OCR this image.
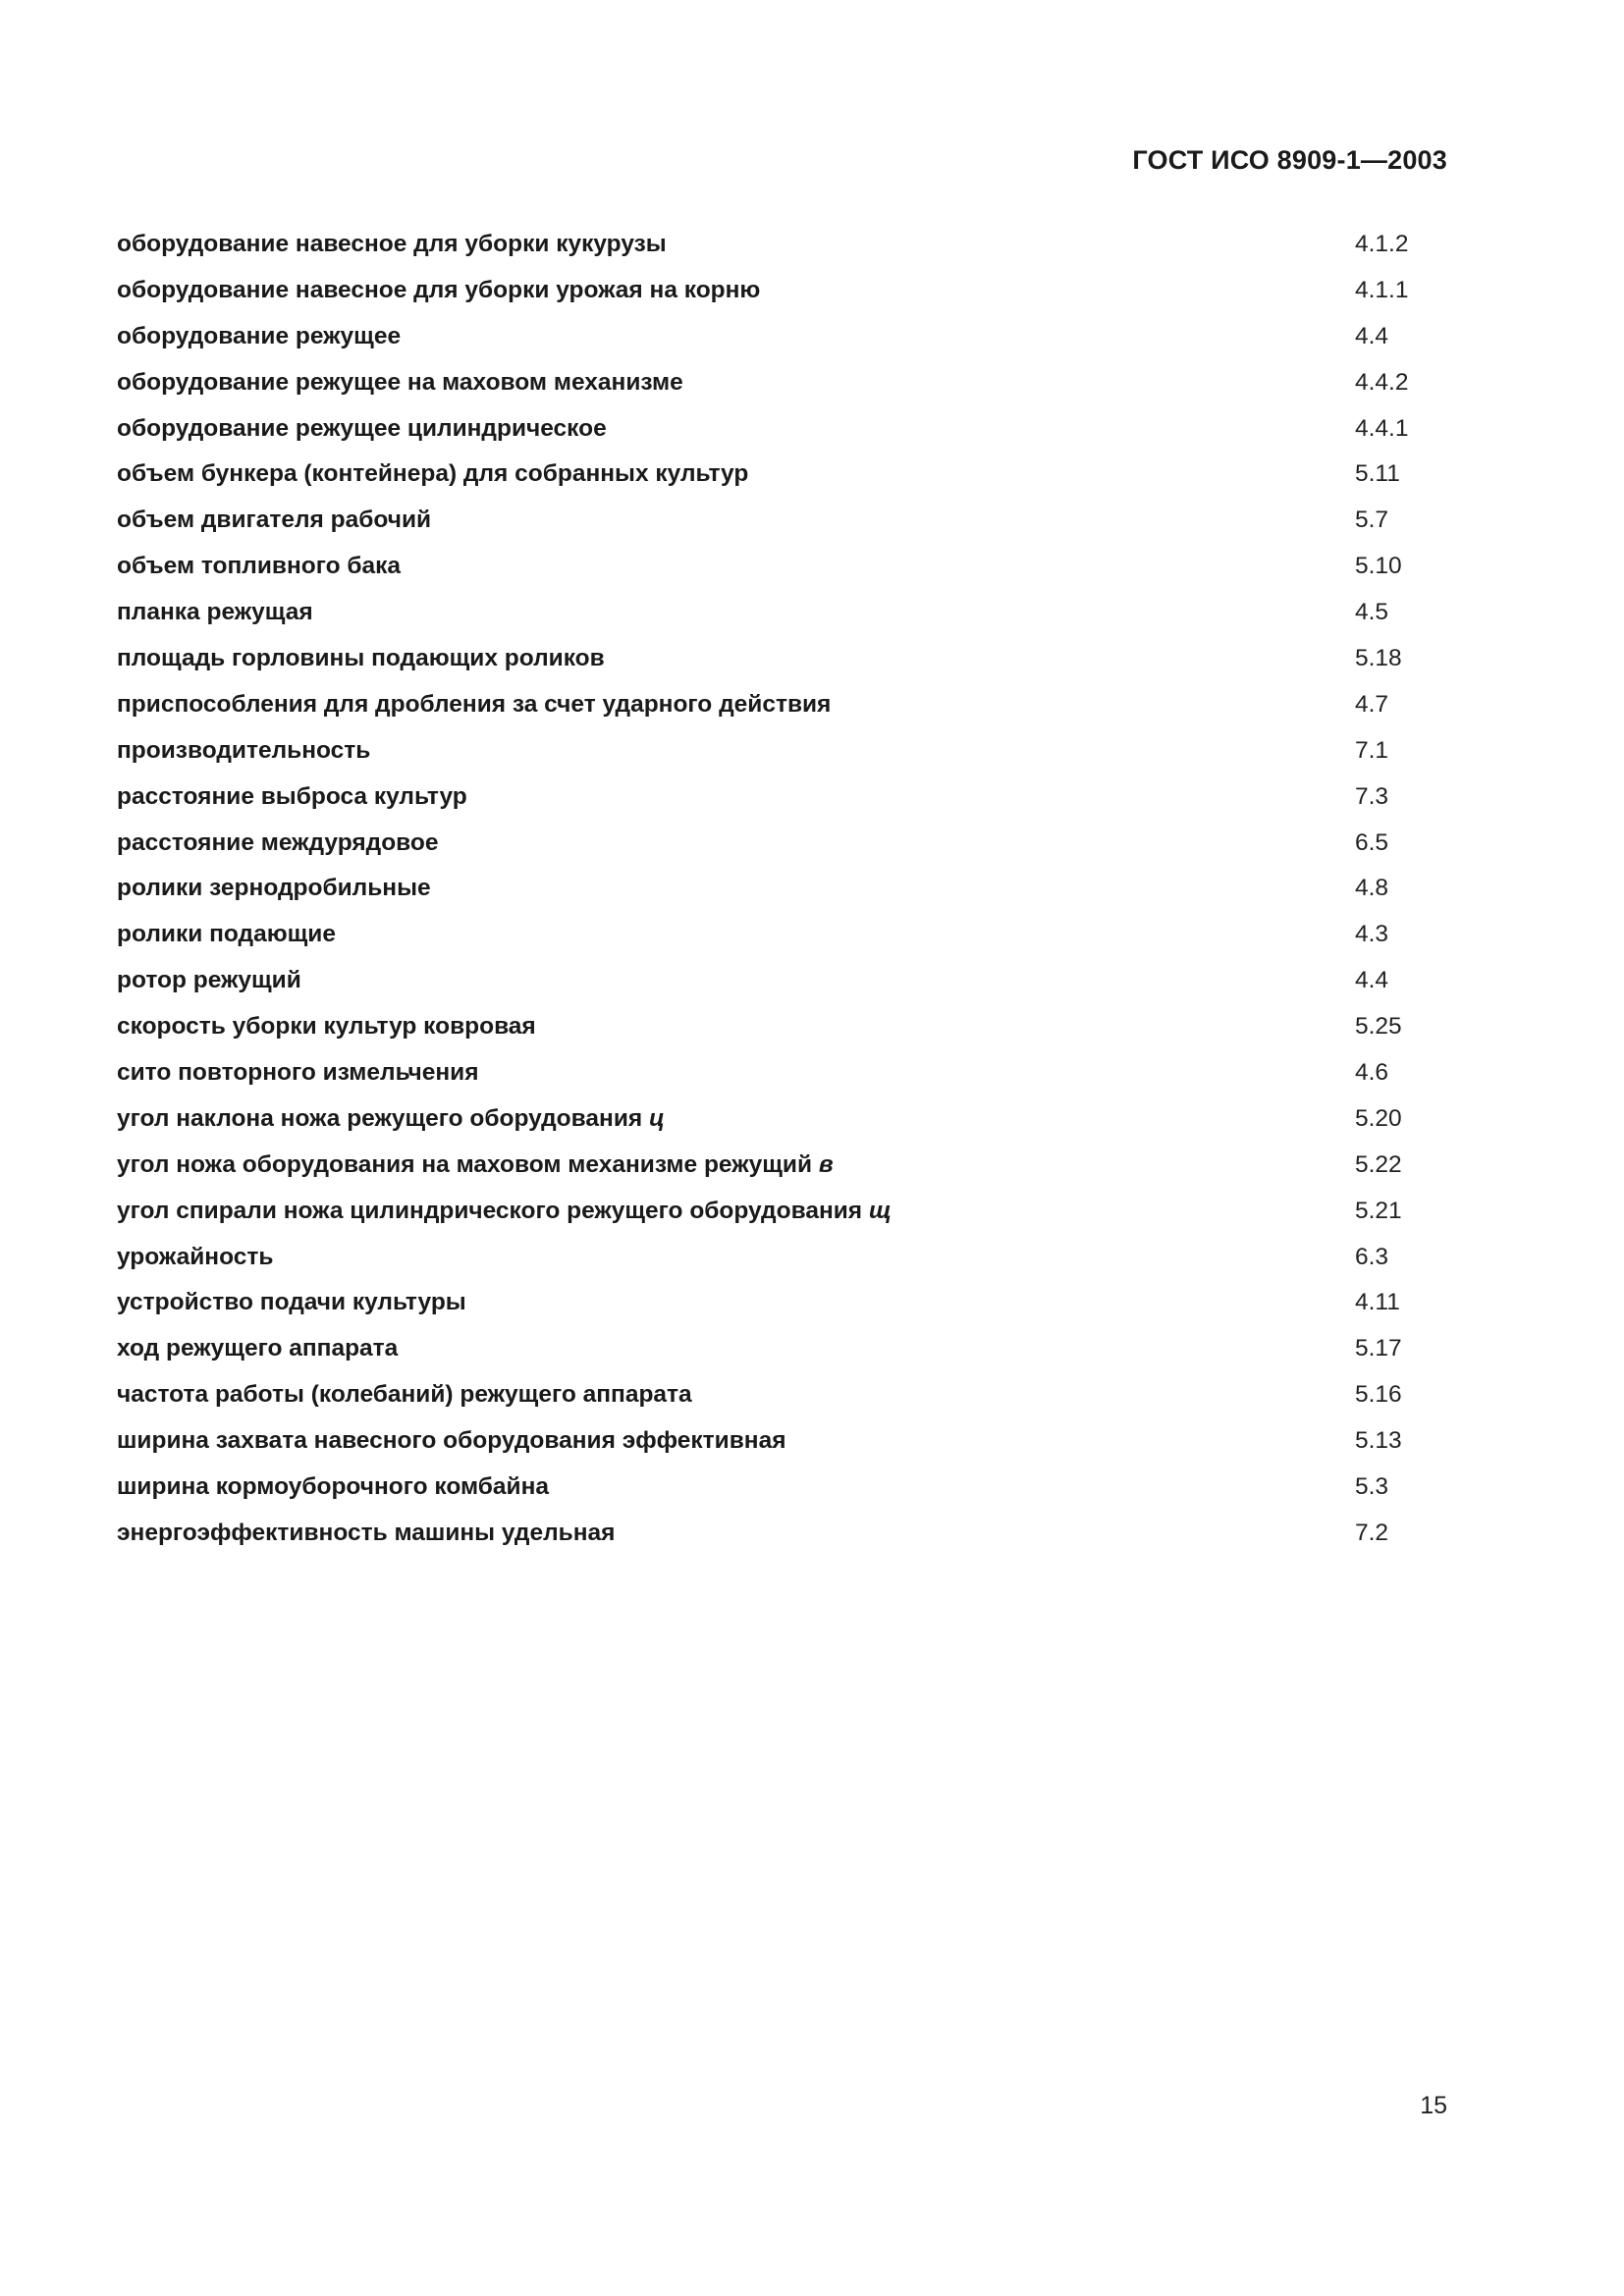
ГОСТ ИСО 8909-1—2003
оборудование навесное для уборки кукурузы	4.1.2
оборудование навесное для уборки урожая на корню	4.1.1
оборудование режущее	4.4
оборудование режущее на маховом механизме	4.4.2
оборудование режущее цилиндрическое	4.4.1
объем бункера (контейнера) для собранных культур	5.11
объем двигателя рабочий	5.7
объем топливного бака	5.10
планка режущая	4.5
площадь горловины подающих роликов	5.18
приспособления для дробления за счет ударного действия	4.7
производительность	7.1
расстояние выброса культур	7.3
расстояние междурядовое	6.5
ролики зернодробильные	4.8
ролики подающие	4.3
ротор режущий	4.4
скорость уборки культур ковровая	5.25
сито повторного измельчения	4.6
угол наклона ножа режущего оборудования ц	5.20
угол ножа оборудования на маховом механизме режущий в	5.22
угол спирали ножа цилиндрического режущего оборудования щ	5.21
урожайность	6.3
устройство подачи культуры	4.11
ход режущего аппарата	5.17
частота работы (колебаний) режущего аппарата	5.16
ширина захвата навесного оборудования эффективная	5.13
ширина кормоуборочного комбайна	5.3
энергоэффективность машины удельная	7.2
15
